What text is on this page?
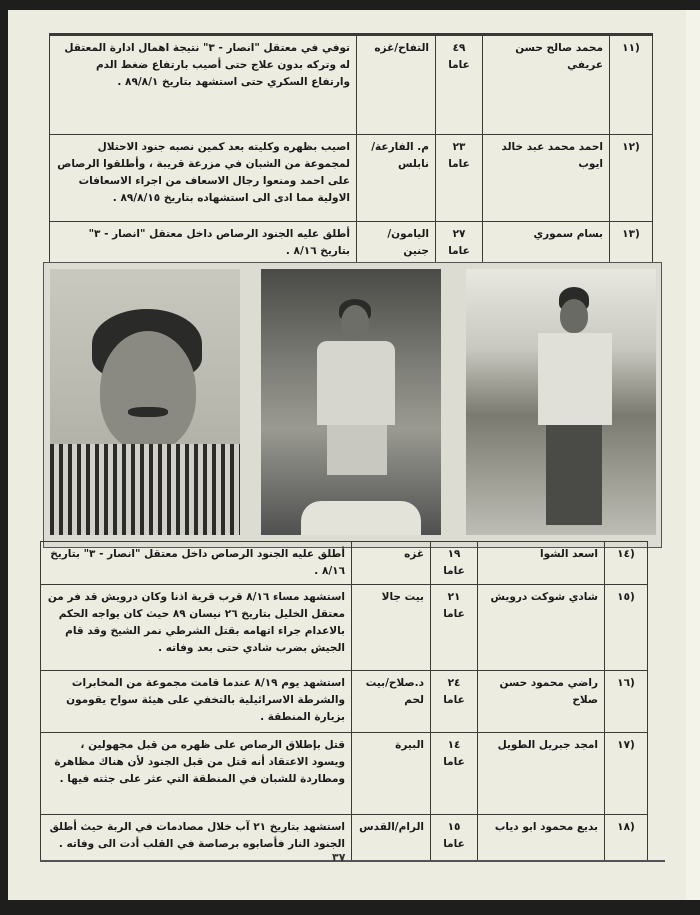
(١١	محمد صالح حسن عريفي	٤٩ عاما	التفاح/غزه	توفي في معتقل "انصار - ٣" نتيجة اهمال ادارة المعتقل له وتركه بدون علاج حتى أصيب بارتفاع ضغط الدم وارتفاع السكري حتى استشهد بتاريخ ٨٩/٨/١ .
(١٢	احمد محمد عبد خالد ايوب	٢٣ عاما	م. الفارعة/نابلس	اصيب بظهره وكليته بعد كمين نصبه جنود الاحتلال لمجموعة من الشبان في مزرعة قريبة ، وأطلقوا الرصاص على احمد ومنعوا رجال الاسعاف من اجراء الاسعافات الاولية مما ادى الى استشهاده بتاريخ ٨٩/٨/١٥ .
(١٣	بسام سموري	٢٧ عاما	اليامون/جنين	أطلق عليه الجنود الرصاص داخل معتقل "انصار - ٣" بتاريخ ٨/١٦ .
(١٤	اسعد الشوا	١٩ عاما	غزه	أطلق عليه الجنود الرصاص داخل معتقل "انصار - ٣" بتاريخ ٨/١٦ .
(١٥	شادي شوكت درويش	٢١ عاما	بيت جالا	استشهد مساء ٨/١٦ قرب قرية اذنا وكان درويش قد فر من معتقل الخليل بتاريخ ٢٦ نيسان ٨٩ حيث كان يواجه الحكم بالاعدام جراء اتهامه بقتل الشرطي نمر الشيخ وقد قام الجيش بضرب شادي حتى بعد وفاته .
(١٦	راضي محمود حسن صلاح	٢٤ عاما	د.صلاح/بيت لحم	استشهد يوم ٨/١٩ عندما قامت مجموعة من المخابرات والشرطة الاسرائيلية بالتخفي على هيئة سواح يقومون بزيارة المنطقة .
(١٧	امجد جبريل الطويل	١٤ عاما	البيرة	قتل بإطلاق الرصاص على ظهره من قبل مجهولين ، ويسود الاعتقاد أنه قتل من قبل الجنود لأن هناك مظاهرة ومطاردة للشبان في المنطقة التي عثر على جثته فيها .
(١٨	بديع محمود ابو دياب	١٥ عاما	الرام/القدس	استشهد بتاريخ ٢١ آب خلال مصادمات في الربة حيث أطلق الجنود النار فأصابوه برصاصة في القلب أدت الى وفاته .
٣٧
